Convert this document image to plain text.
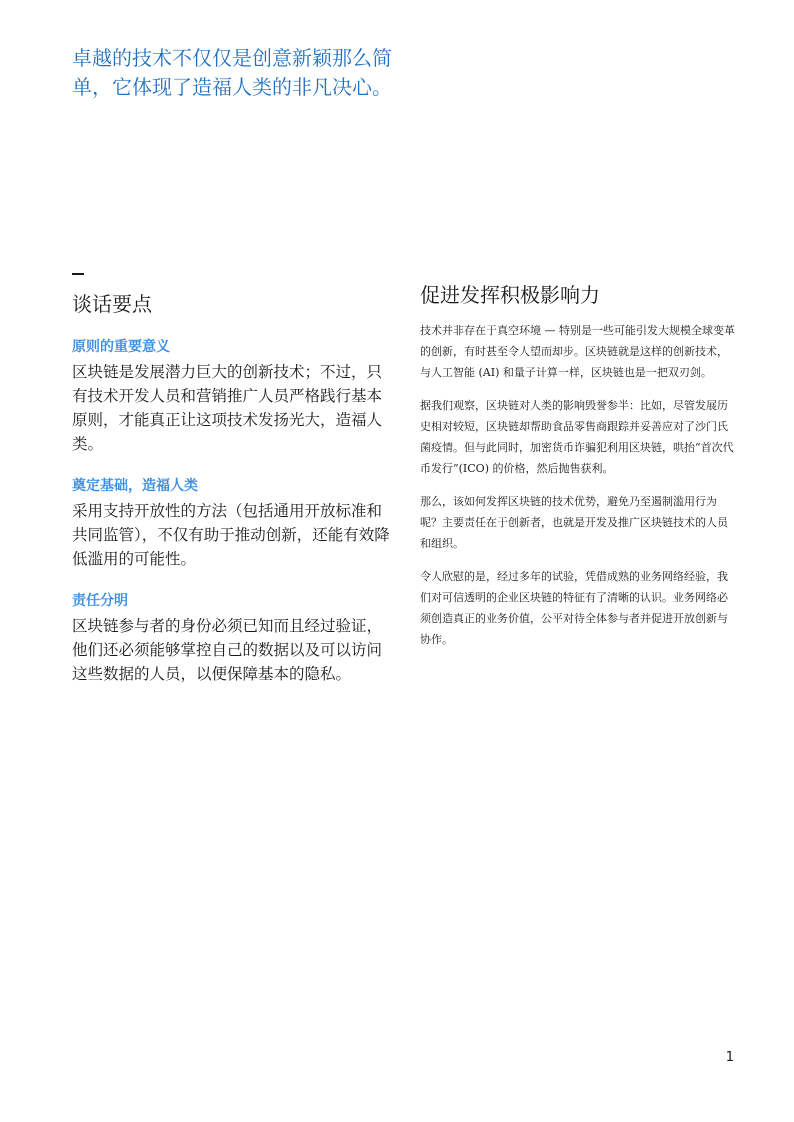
卓越的技术不仅仅是创意新颖那么简单，它体现了造福人类的非凡决心。
谈话要点

原则的重要意义

区块链是发展潜力巨大的创新技术；不过，只有技术开发人员和营销推广人员严格践行基本原则，才能真正让这项技术发扬光大，造福人类。

奠定基础，造福人类

采用支持开放性的方法（包括通用开放标准和共同监管），不仅有助于推动创新，还能有效降低滥用的可能性。

责任分明

区块链参与者的身份必须已知而且经过验证，他们还必须能够掌控自己的数据以及可以访问这些数据的人员，以便保障基本的隐私。

促进发挥积极影响力

技术并非存在于真空环境 — 特别是一些可能引发大规模全球变革的创新，有时甚至令人望而却步。区块链就是这样的创新技术，与人工智能 (AI) 和量子计算一样，区块链也是一把双刃剑。

据我们观察，区块链对人类的影响毁誉参半：比如，尽管发展历史相对较短，区块链却帮助食品零售商跟踪并妥善应对了沙门氏菌疫情。但与此同时，加密货币诈骗犯利用区块链，哄抬“首次代币发行”(ICO) 的价格，然后抛售获利。

那么，该如何发挥区块链的技术优势，避免乃至遏制滥用行为呢？主要责任在于创新者，也就是开发及推广区块链技术的人员和组织。

令人欣慰的是，经过多年的试验，凭借成熟的业务网络经验，我们对可信透明的企业区块链的特征有了清晰的认识。业务网络必须创造真正的业务价值，公平对待全体参与者并促进开放创新与协作。

1
